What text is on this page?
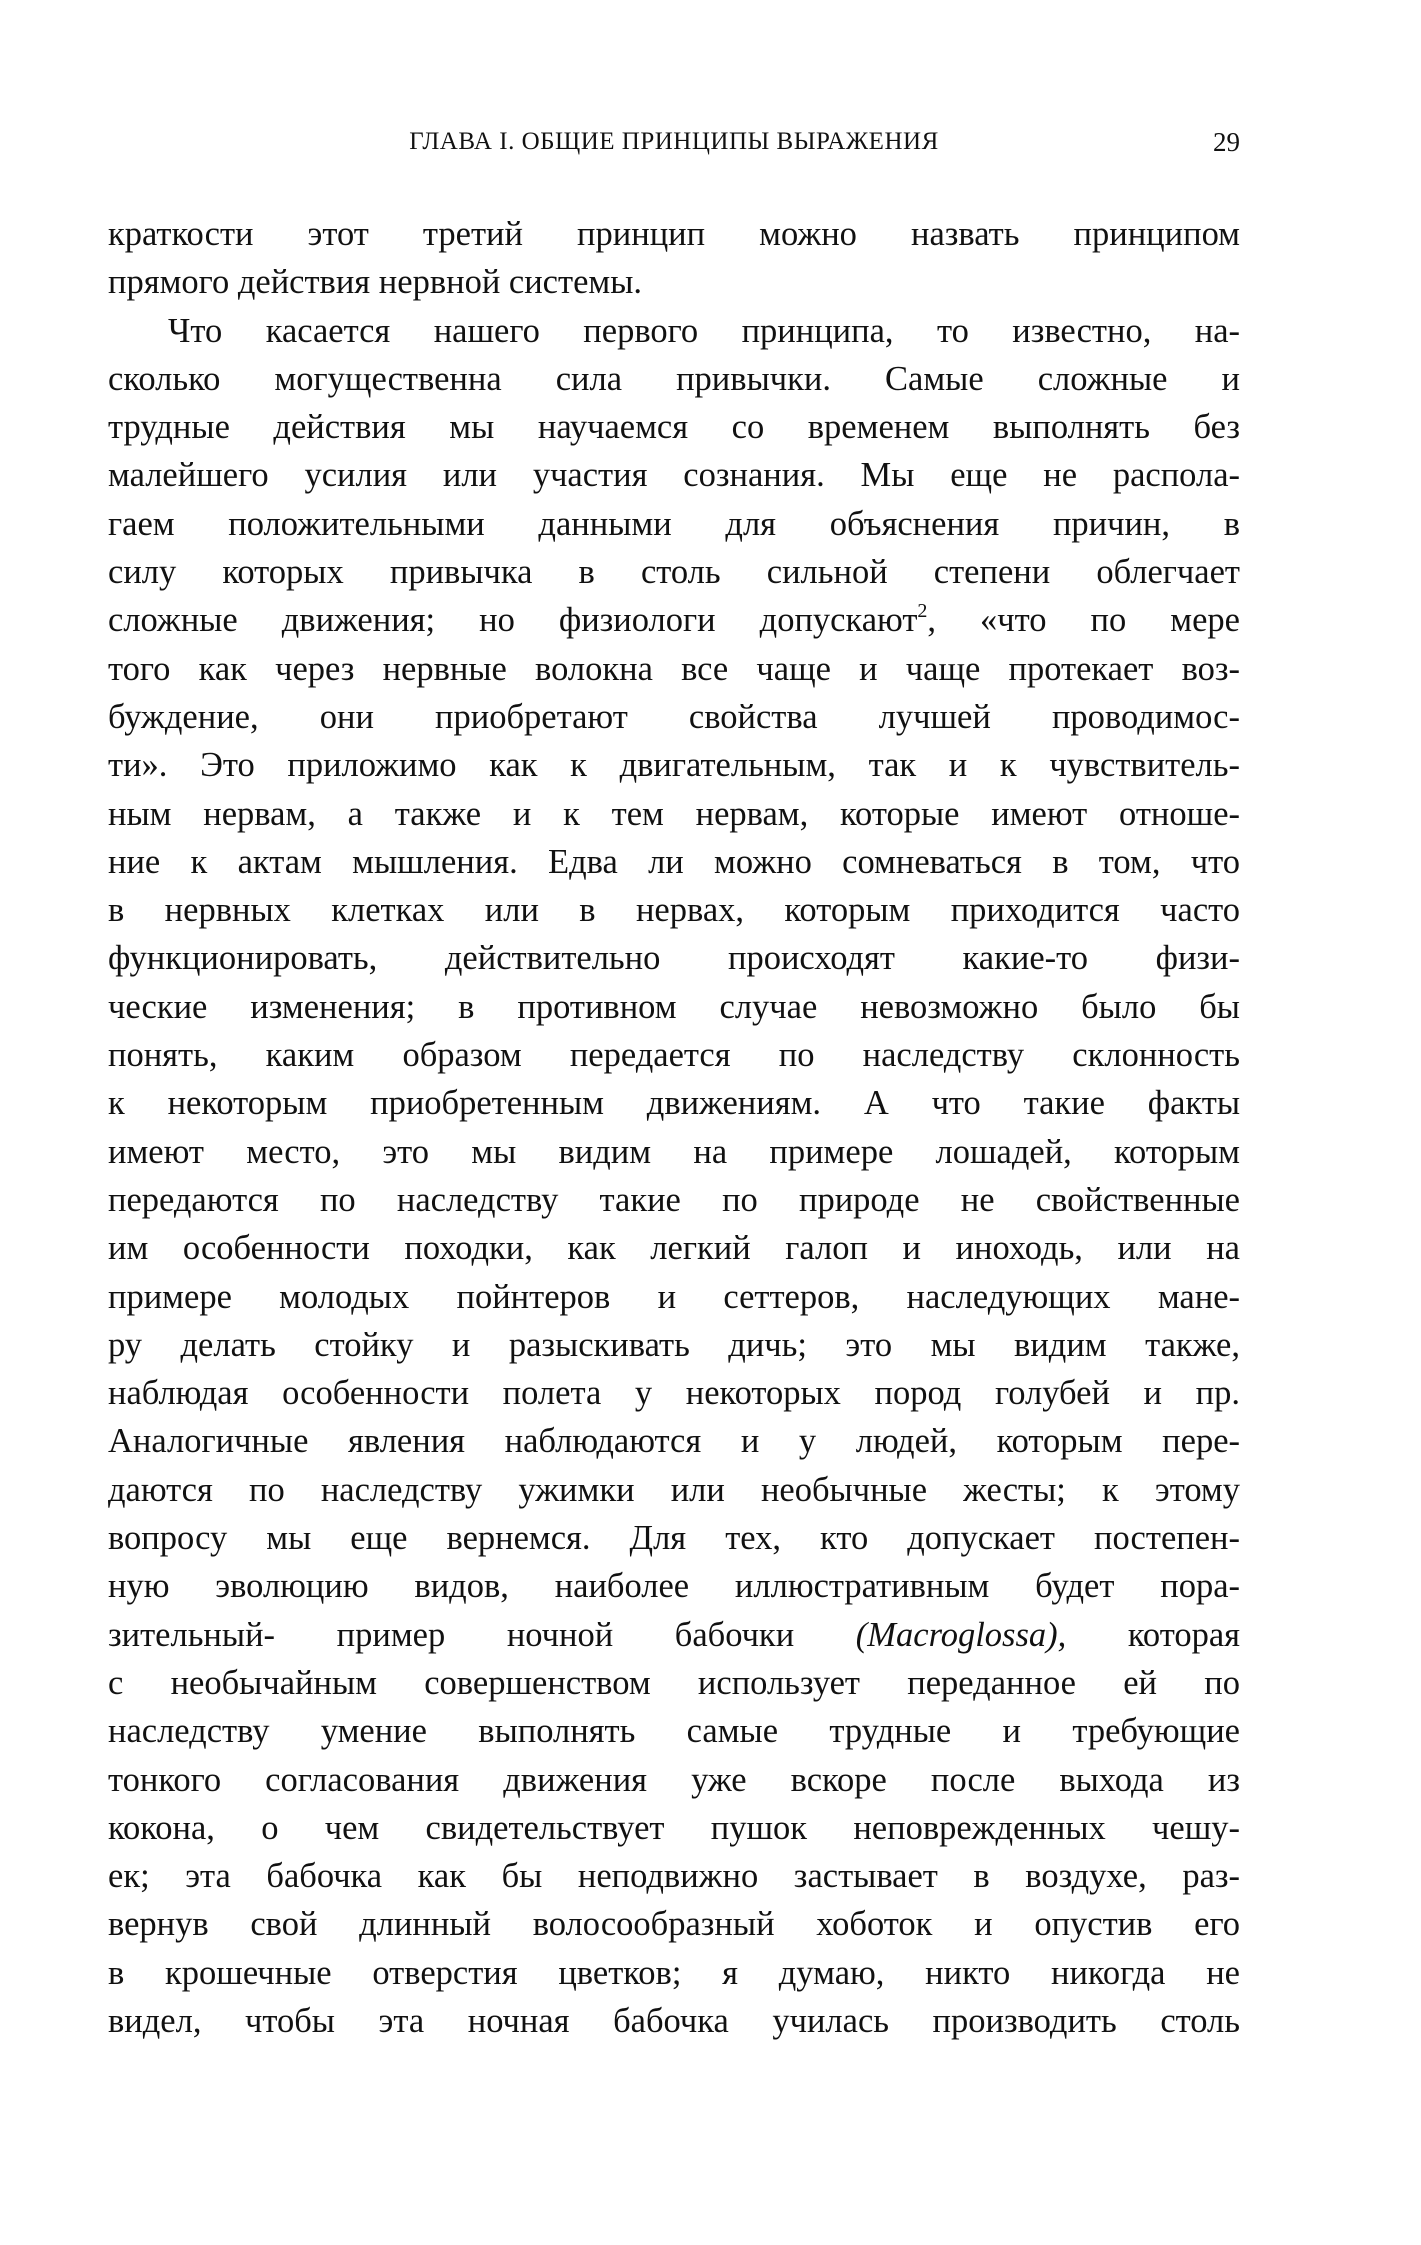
ГЛАВА I. ОБЩИЕ ПРИНЦИПЫ ВЫРАЖЕНИЯ	29
краткости этот третий принцип можно назвать принципом
прямого действия нервной системы.
Что касается нашего первого принципа, то известно, на-
сколько могущественна сила привычки. Самые сложные и
трудные действия мы научаемся со временем выполнять без
малейшего усилия или участия сознания. Мы еще не распола-
гаем положительными данными для объяснения причин, в
силу которых привычка в столь сильной степени облегчает
сложные движения; но физиологи допускают$^2$, «что по мере
того как через нервные волокна все чаще и чаще протекает воз-
буждение, они приобретают свойства лучшей проводимос-
ти». Это приложимо как к двигательным, так и к чувствитель-
ным нервам, а также и к тем нервам, которые имеют отноше-
ние к актам мышления. Едва ли можно сомневаться в том, что
в нервных клетках или в нервах, которым приходится часто
функционировать, действительно происходят какие-то физи-
ческие изменения; в противном случае невозможно было бы
понять, каким образом передается по наследству склонность
к некоторым приобретенным движениям. А что такие факты
имеют место, это мы видим на примере лошадей, которым
передаются по наследству такие по природе не свойственные
им особенности походки, как легкий галоп и иноходь, или на
примере молодых пойнтеров и сеттеров, наследующих мане-
ру делать стойку и разыскивать дичь; это мы видим также,
наблюдая особенности полета у некоторых пород голубей и пр.
Аналогичные явления наблюдаются и у людей, которым пере-
даются по наследству ужимки или необычные жесты; к этому
вопросу мы еще вернемся. Для тех, кто допускает постепен-
ную эволюцию видов, наиболее иллюстративным будет пора-
зительный- пример ночной бабочки (Macroglossa), которая
с необычайным совершенством использует переданное ей по
наследству умение выполнять самые трудные и требующие
тонкого согласования движения уже вскоре после выхода из
кокона, о чем свидетельствует пушок неповрежденных чешу-
ек; эта бабочка как бы неподвижно застывает в воздухе, раз-
вернув свой длинный волосообразный хоботок и опустив его
в крошечные отверстия цветков; я думаю, никто никогда не
видел, чтобы эта ночная бабочка училась производить столь
